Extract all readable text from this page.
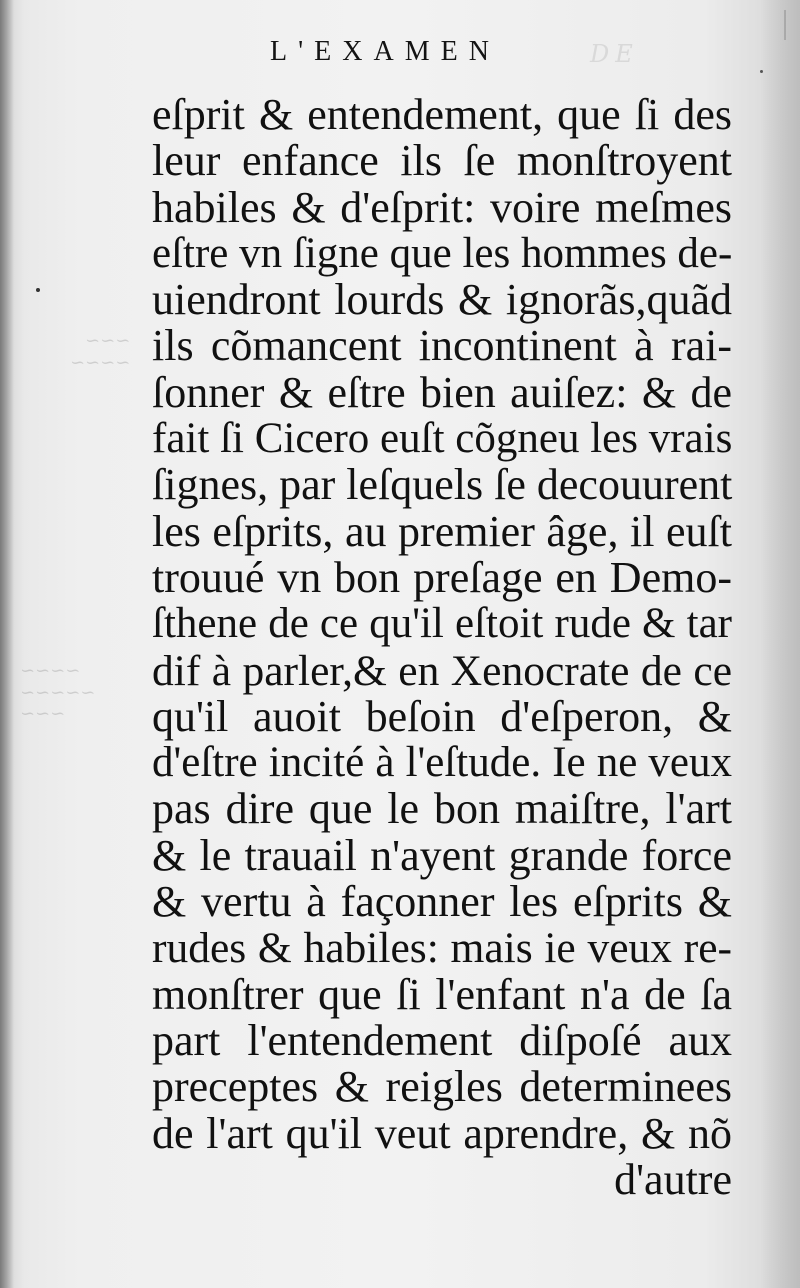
DE
~~~
~~~~
~~~~
~~~~~
~~~
L'EXAMEN
eſprit & entendement, que ſi des
leur enfance ils ſe monſtroyent
habiles & d'eſprit: voire meſmes
eſtre vn ſigne que les hommes de-
uiendront lourds & ignorãs,quãd
ils cõmancent incontinent à rai-
ſonner & eſtre bien auiſez: & de
fait ſi Cicero euſt cõgneu les vrais
ſignes, par leſquels ſe decouurent
les eſprits, au premier âge, il euſt
trouué vn bon preſage en Demo-
ſthene de ce qu'il eſtoit rude & tar
dif à parler,& en Xenocrate de ce
qu'il auoit beſoin d'eſperon, &
d'eſtre incité à l'eſtude. Ie ne veux
pas dire que le bon maiſtre, l'art
& le trauail n'ayent grande force
& vertu à façonner les eſprits &
rudes & habiles: mais ie veux re-
monſtrer que ſi l'enfant n'a de ſa
part l'entendement diſpoſé aux
preceptes & reigles determinees
de l'art qu'il veut aprendre, & nõ
d'autre
